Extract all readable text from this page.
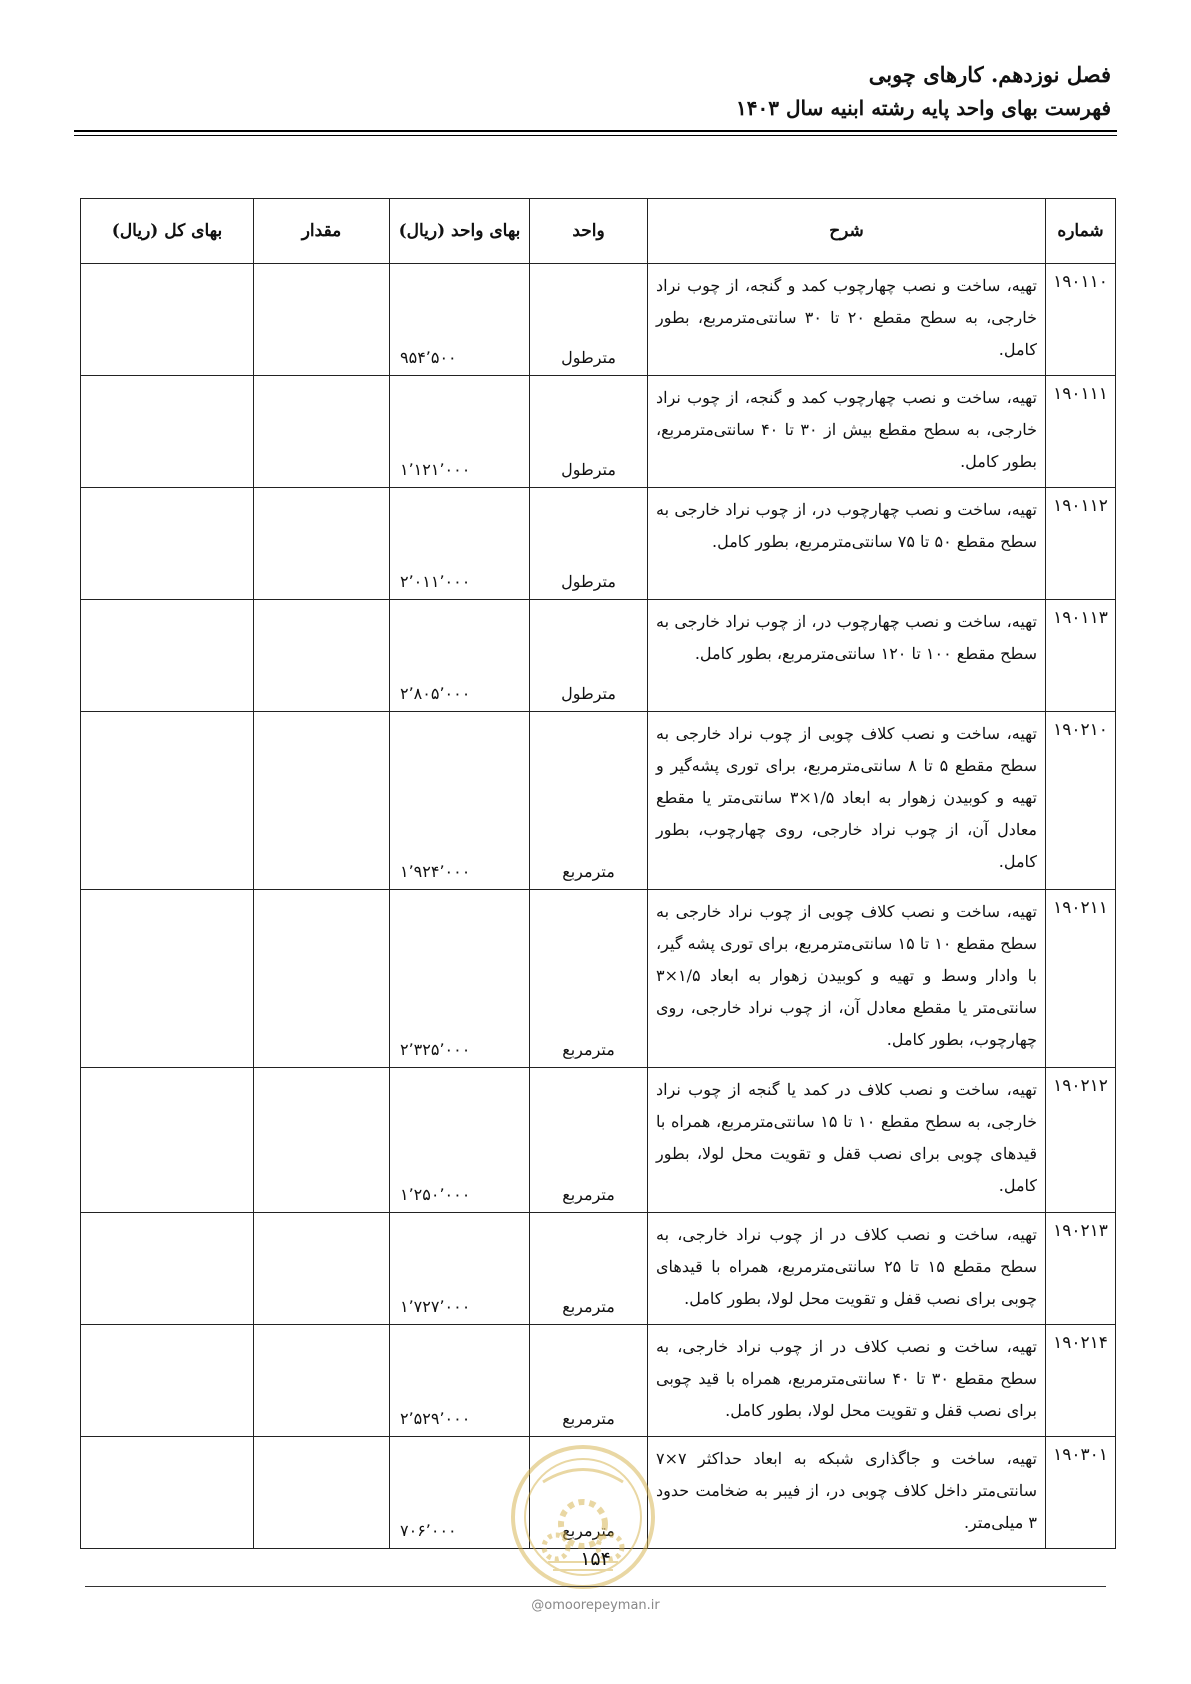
فصل نوزدهم. کارهای چوبی
فهرست بهای واحد پایه رشته ابنیه سال ۱۴۰۳
شماره	شرح	واحد	بهای واحد (ریال)	مقدار	بهای کل (ریال)
۱۹۰۱۱۰	تهیه، ساخت و نصب چهارچوب کمد و گنجه، از چوب نراد خارجی، به سطح مقطع ۲۰ تا ۳۰ سانتی‌مترمربع، بطور کامل.	مترطول	۹۵۴٬۵۰۰		
۱۹۰۱۱۱	تهیه، ساخت و نصب چهارچوب کمد و گنجه، از چوب نراد خارجی، به سطح مقطع بیش از ۳۰ تا ۴۰ سانتی‌مترمربع، بطور کامل.	مترطول	۱٬۱۲۱٬۰۰۰		
۱۹۰۱۱۲	تهیه، ساخت و نصب چهارچوب در، از چوب نراد خارجی به سطح مقطع ۵۰ تا ۷۵ سانتی‌مترمربع، بطور کامل.	مترطول	۲٬۰۱۱٬۰۰۰		
۱۹۰۱۱۳	تهیه، ساخت و نصب چهارچوب در، از چوب نراد خارجی به سطح مقطع ۱۰۰ تا ۱۲۰ سانتی‌مترمربع، بطور کامل.	مترطول	۲٬۸۰۵٬۰۰۰		
۱۹۰۲۱۰	تهیه، ساخت و نصب کلاف چوبی از چوب نراد خارجی به سطح مقطع ۵ تا ۸ سانتی‌مترمربع، برای توری پشه‌گیر و تهیه و کوبیدن زهوار به ابعاد ۱/۵×۳ سانتی‌متر یا مقطع معادل آن، از چوب نراد خارجی، روی چهارچوب، بطور کامل.	مترمربع	۱٬۹۲۴٬۰۰۰		
۱۹۰۲۱۱	تهیه، ساخت و نصب کلاف چوبی از چوب نراد خارجی به سطح مقطع ۱۰ تا ۱۵ سانتی‌مترمربع، برای توری پشه گیر، با وادار وسط و تهیه و کوبیدن زهوار به ابعاد ۱/۵×۳ سانتی‌متر یا مقطع معادل آن، از چوب نراد خارجی، روی چهارچوب، بطور کامل.	مترمربع	۲٬۳۲۵٬۰۰۰		
۱۹۰۲۱۲	تهیه، ساخت و نصب کلاف در کمد یا گنجه از چوب نراد خارجی، به سطح مقطع ۱۰ تا ۱۵ سانتی‌مترمربع، همراه با قیدهای چوبی برای نصب قفل و تقویت محل لولا، بطور کامل.	مترمربع	۱٬۲۵۰٬۰۰۰		
۱۹۰۲۱۳	تهیه، ساخت و نصب کلاف در از چوب نراد خارجی، به سطح مقطع ۱۵ تا ۲۵ سانتی‌مترمربع، همراه با قیدهای چوبی برای نصب قفل و تقویت محل لولا، بطور کامل.	مترمربع	۱٬۷۲۷٬۰۰۰		
۱۹۰۲۱۴	تهیه، ساخت و نصب کلاف در از چوب نراد خارجی، به سطح مقطع ۳۰ تا ۴۰ سانتی‌مترمربع، همراه با قید چوبی برای نصب قفل و تقویت محل لولا، بطور کامل.	مترمربع	۲٬۵۲۹٬۰۰۰		
۱۹۰۳۰۱	تهیه، ساخت و جاگذاری شبکه به ابعاد حداکثر ۷×۷ سانتی‌متر داخل کلاف چوبی در، از فیبر به ضخامت حدود ۳ میلی‌متر.	مترمربع	۷۰۶٬۰۰۰		
۱۵۴
@omoorepeyman.ir
